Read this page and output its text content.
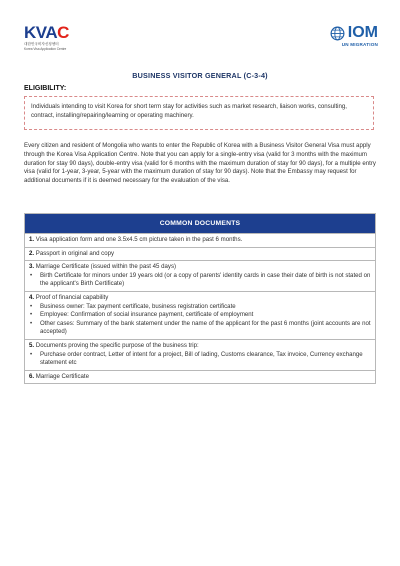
KVAC
대한민국비자신청센터
Korea Visa Application Centre
IOM
UN MIGRATION
BUSINESS VISITOR GENERAL (C-3-4)
ELIGIBILITY:
Individuals intending to visit Korea for short term stay for activities such as market research, liaison works, consulting, contract, installing/repairing/learning or operating machinery.
Every citizen and resident of Mongolia who wants to enter the Republic of Korea with a Business Visitor General Visa must apply through the Korea Visa Application Centre. Note that you can apply for a single-entry visa (valid for 3 months with the maximum duration for stay 90 days), double-entry visa (valid for 6 months with the maximum duration of stay for 90 days), for a multiple entry visa (valid for 1-year, 3-year, 5-year with the maximum duration of stay for 90 days). Note that the Embassy may request for additional documents if it is deemed necessary for the evaluation of the visa.
COMMON DOCUMENTS
1. Visa application form and one 3.5x4.5 cm picture taken in the past 6 months.
2. Passport in original and copy
3. Marriage Certificate (issued within the past 45 days)
• Birth Certificate for minors under 19 years old (or a copy of parents' identity cards in case their date of birth is not stated on the applicant's Birth Certificate)
4. Proof of financial capability
• Business owner: Tax payment certificate, business registration certificate
• Employee: Confirmation of social insurance payment, certificate of employment
• Other cases: Summary of the bank statement under the name of the applicant for the past 6 months (joint accounts are not accepted)
5. Documents proving the specific purpose of the business trip:
• Purchase order contract, Letter of intent for a project, Bill of lading, Customs clearance, Tax invoice, Currency exchange statement etc
6. Marriage Certificate
